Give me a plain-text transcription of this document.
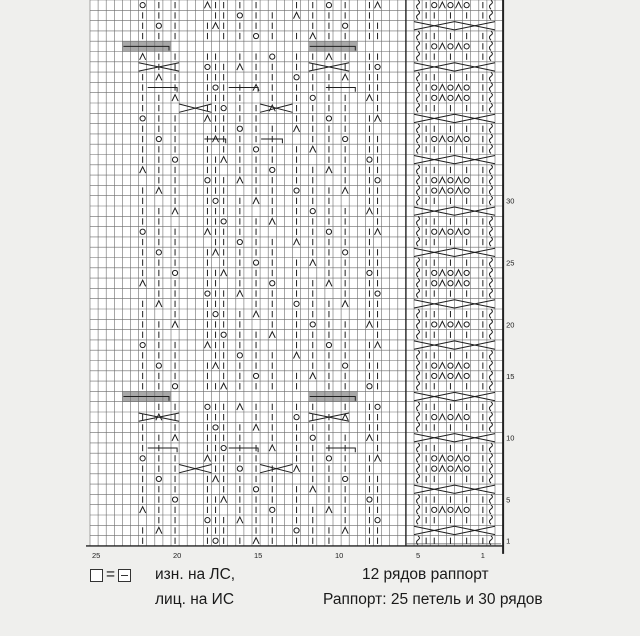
30
25
20
15
10
5
1
25	20	15	10	5	1
=	изн. на ЛС,
лиц. на ИС
12 рядов раппорт
Раппорт: 25 петель и 30 рядов
